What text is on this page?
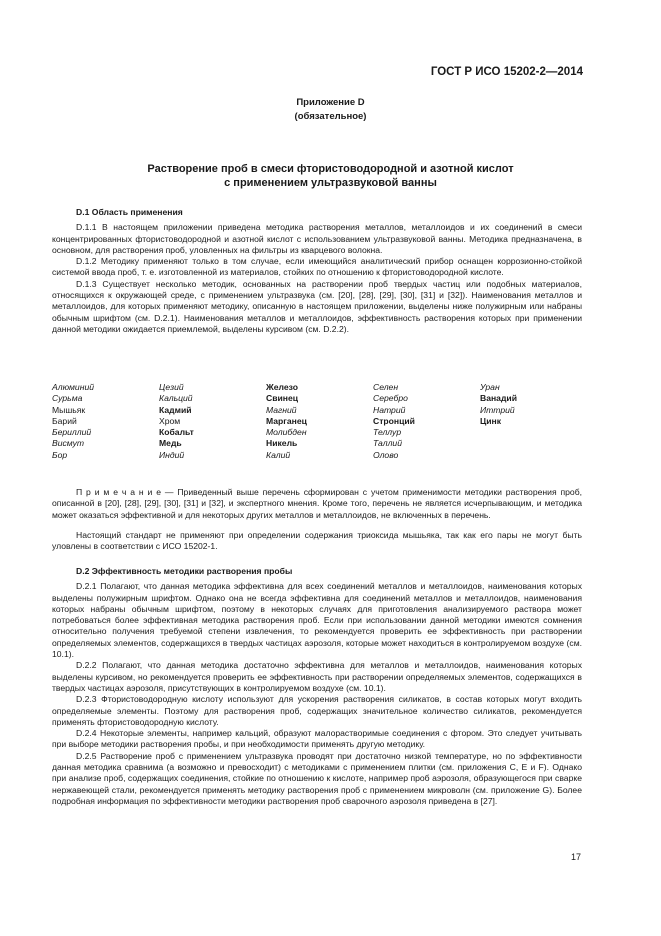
ГОСТ Р ИСО 15202-2—2014
Приложение D
(обязательное)
Растворение проб в смеси фтористоводородной и азотной кислот
с применением ультразвуковой ванны
D.1 Область применения

D.1.1 В настоящем приложении приведена методика растворения металлов, металлоидов и их соединений в смеси концентрированных фтористоводородной и азотной кислот с использованием ультразвуковой ванны. Методика предназначена, в основном, для растворения проб, уловленных на фильтры из кварцевого волокна.

D.1.2 Методику применяют только в том случае, если имеющийся аналитический прибор оснащен коррозионно-стойкой системой ввода проб, т. е. изготовленной из материалов, стойких по отношению к фтористоводородной кислоте.

D.1.3 Существует несколько методик, основанных на растворении проб твердых частиц или подобных материалов, относящихся к окружающей среде, с применением ультразвука (см. [20], [28], [29], [30], [31] и [32]). Наименования металлов и металлоидов, для которых применяют методику, описанную в настоящем приложении, выделены ниже полужирным или набраны обычным шрифтом (см. D.2.1). Наименования металлов и металлоидов, эффективность растворения которых при применении данной методики ожидается приемлемой, выделены курсивом (см. D.2.2).

Алюминий
Сурьма
Мышьяк
Барий
Бериллий
Висмут
Бор
Цезий
Кальций
Кадмий
Хром
Кобальт
Медь
Индий
Железо
Свинец
Магний
Марганец
Молибден
Никель
Калий
Селен
Серебро
Натрий
Стронций
Теллур
Таллий
Олово
Уран
Ванадий
Иттрий
Цинк

П р и м е ч а н и е — Приведенный выше перечень сформирован с учетом применимости методики растворения проб, описанной в [20], [28], [29], [30], [31] и [32], и экспертного мнения. Кроме того, перечень не является исчерпывающим, и методика может оказаться эффективной и для некоторых других металлов и металлоидов, не включенных в перечень.

Настоящий стандарт не применяют при определении содержания триоксида мышьяка, так как его пары не могут быть уловлены в соответствии с ИСО 15202-1.

D.2 Эффективность методики растворения пробы

D.2.1 Полагают, что данная методика эффективна для всех соединений металлов и металлоидов, наименования которых выделены полужирным шрифтом. Однако она не всегда эффективна для соединений металлов и металлоидов, наименования которых набраны обычным шрифтом, поэтому в некоторых случаях для приготовления анализируемого раствора может потребоваться более эффективная методика растворения проб. Если при использовании данной методики имеются сомнения относительно получения требуемой степени извлечения, то рекомендуется проверить ее эффективность при растворении определяемых элементов, содержащихся в твердых частицах аэрозоля, которые может находиться в контролируемом воздухе (см. 10.1).

D.2.2 Полагают, что данная методика достаточно эффективна для металлов и металлоидов, наименования которых выделены курсивом, но рекомендуется проверить ее эффективность при растворении определяемых элементов, содержащихся в твердых частицах аэрозоля, присутствующих в контролируемом воздухе (см. 10.1).

D.2.3 Фтористоводородную кислоту используют для ускорения растворения силикатов, в состав которых могут входить определяемые элементы. Поэтому для растворения проб, содержащих значительное количество силикатов, рекомендуется применять фтористоводородную кислоту.

D.2.4 Некоторые элементы, например кальций, образуют малорастворимые соединения с фтором. Это следует учитывать при выборе методики растворения пробы, и при необходимости применять другую методику.

D.2.5 Растворение проб с применением ультразвука проводят при достаточно низкой температуре, но по эффективности данная методика сравнима (а возможно и превосходит) с методиками с применением плитки (см. приложения С, Е и F). Однако при анализе проб, содержащих соединения, стойкие по отношению к кислоте, например проб аэрозоля, образующегося при сварке нержавеющей стали, рекомендуется применять методику растворения проб с применением микроволн (см. приложение G). Более подробная информация по эффективности методики растворения проб сварочного аэрозоля приведена в [27].

17
